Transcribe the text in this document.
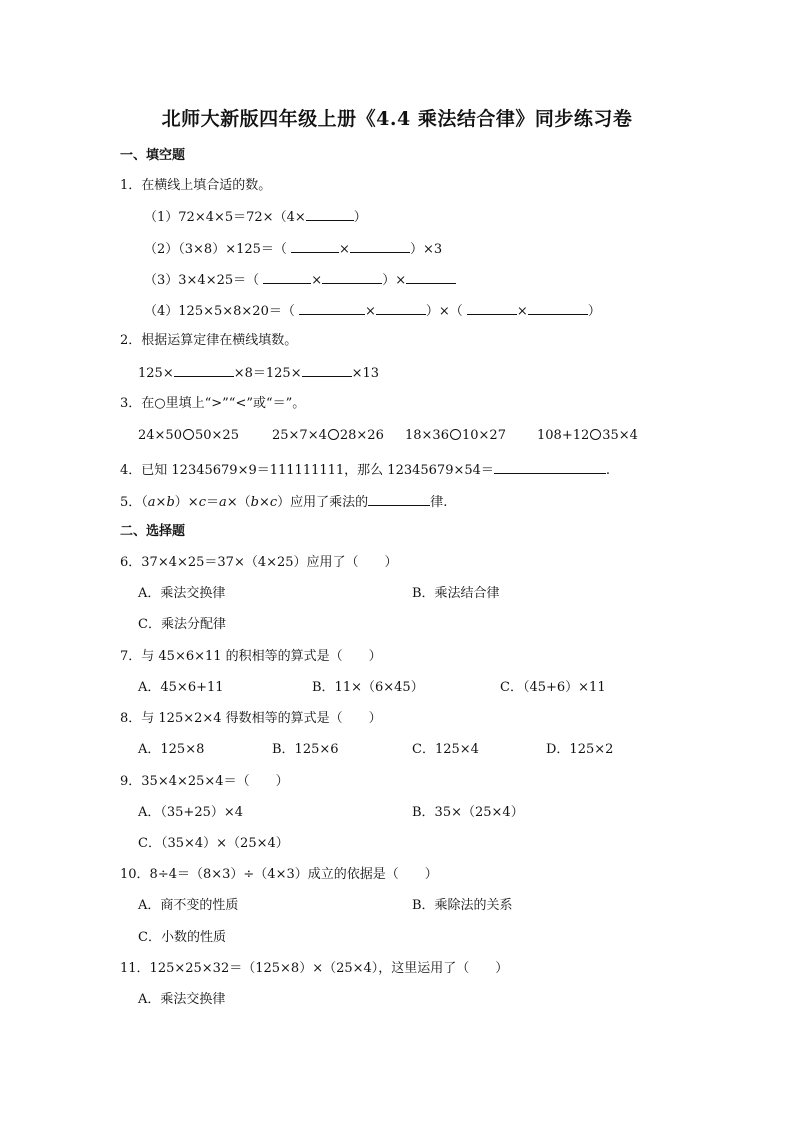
北师大新版四年级上册《4.4 乘法结合律》同步练习卷
一、填空题
1．在横线上填合适的数。
（1）72×4×5＝72×（4×	）
（2）（3×8）×125＝（	×	）×3
（3）3×4×25＝（	×	）×
（4）125×5×8×20＝（	×	）×（	×	）
2．根据运算定律在横线填数。
125×	×8＝125×	×13
3．在○里填上“>”“<”或“＝”。
24×50 50×25	25×7×4 28×26 18×36 10×27 108+12 35×4
4．已知 12345679×9＝111111111，那么 12345679×54＝	.
5．（a×b）×c＝a×（b×c）应用了乘法的	律.
二、选择题
6．37×4×25＝37×（4×25）应用了（　　）
A．乘法交换律	B．乘法结合律
C．乘法分配律
7．与 45×6×11 的积相等的算式是（　　）
A．45×6+11	B．11×（6×45）	C．（45+6）×11
8．与 125×2×4 得数相等的算式是（　　）
A．125×8	B．125×6	C．125×4	D．125×2
9．35×4×25×4＝（　　）
A．（35+25）×4	B．35×（25×4）
C．（35×4）×（25×4）
10．8÷4＝（8×3）÷（4×3）成立的依据是（　　）
A．商不变的性质	B．乘除法的关系
C．小数的性质
11．125×25×32＝（125×8）×（25×4），这里运用了（　　）
A．乘法交换律
